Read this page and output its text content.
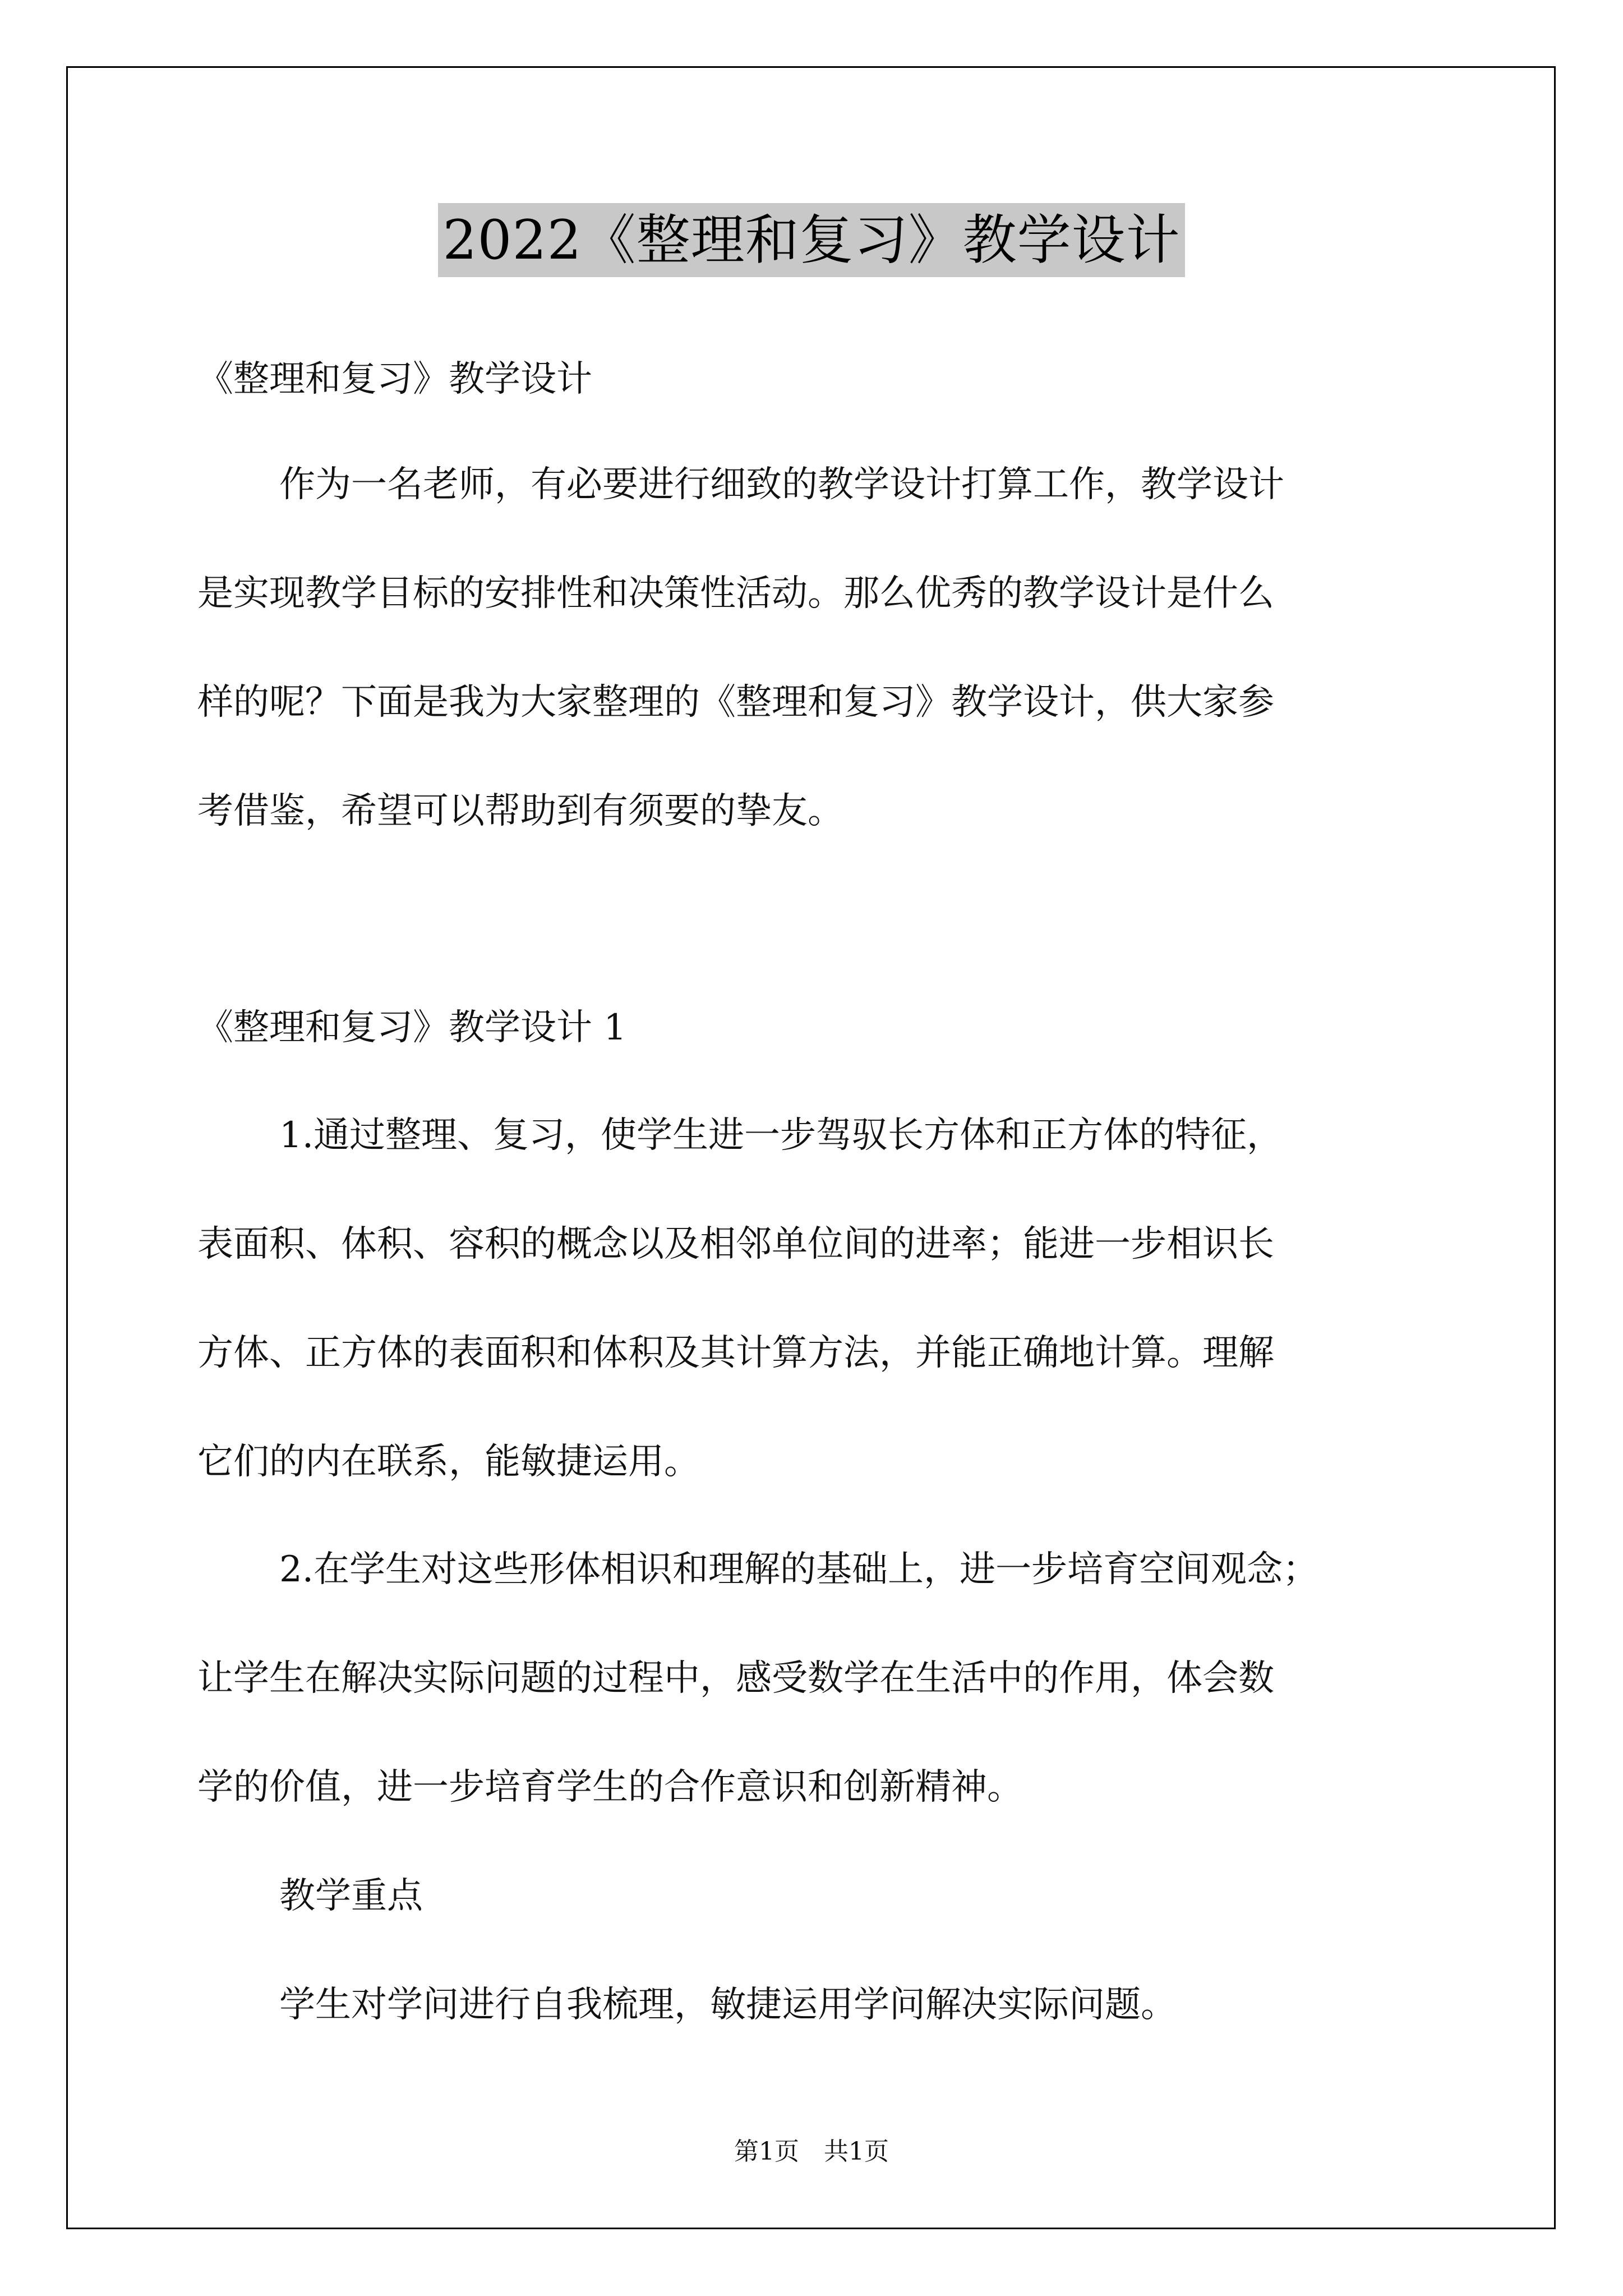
2022《整理和复习》教学设计
《整理和复习》教学设计
作为一名老师，有必要进行细致的教学设计打算工作，教学设计
是实现教学目标的安排性和决策性活动。那么优秀的教学设计是什么
样的呢？下面是我为大家整理的《整理和复习》教学设计，供大家参
考借鉴，希望可以帮助到有须要的挚友。
《整理和复习》教学设计 1
1.通过整理、复习，使学生进一步驾驭长方体和正方体的特征，
表面积、体积、容积的概念以及相邻单位间的进率；能进一步相识长
方体、正方体的表面积和体积及其计算方法，并能正确地计算。理解
它们的内在联系，能敏捷运用。
2.在学生对这些形体相识和理解的基础上，进一步培育空间观念；
让学生在解决实际问题的过程中，感受数学在生活中的作用，体会数
学的价值，进一步培育学生的合作意识和创新精神。
教学重点
学生对学问进行自我梳理，敏捷运用学问解决实际问题。
第1页 共1页
